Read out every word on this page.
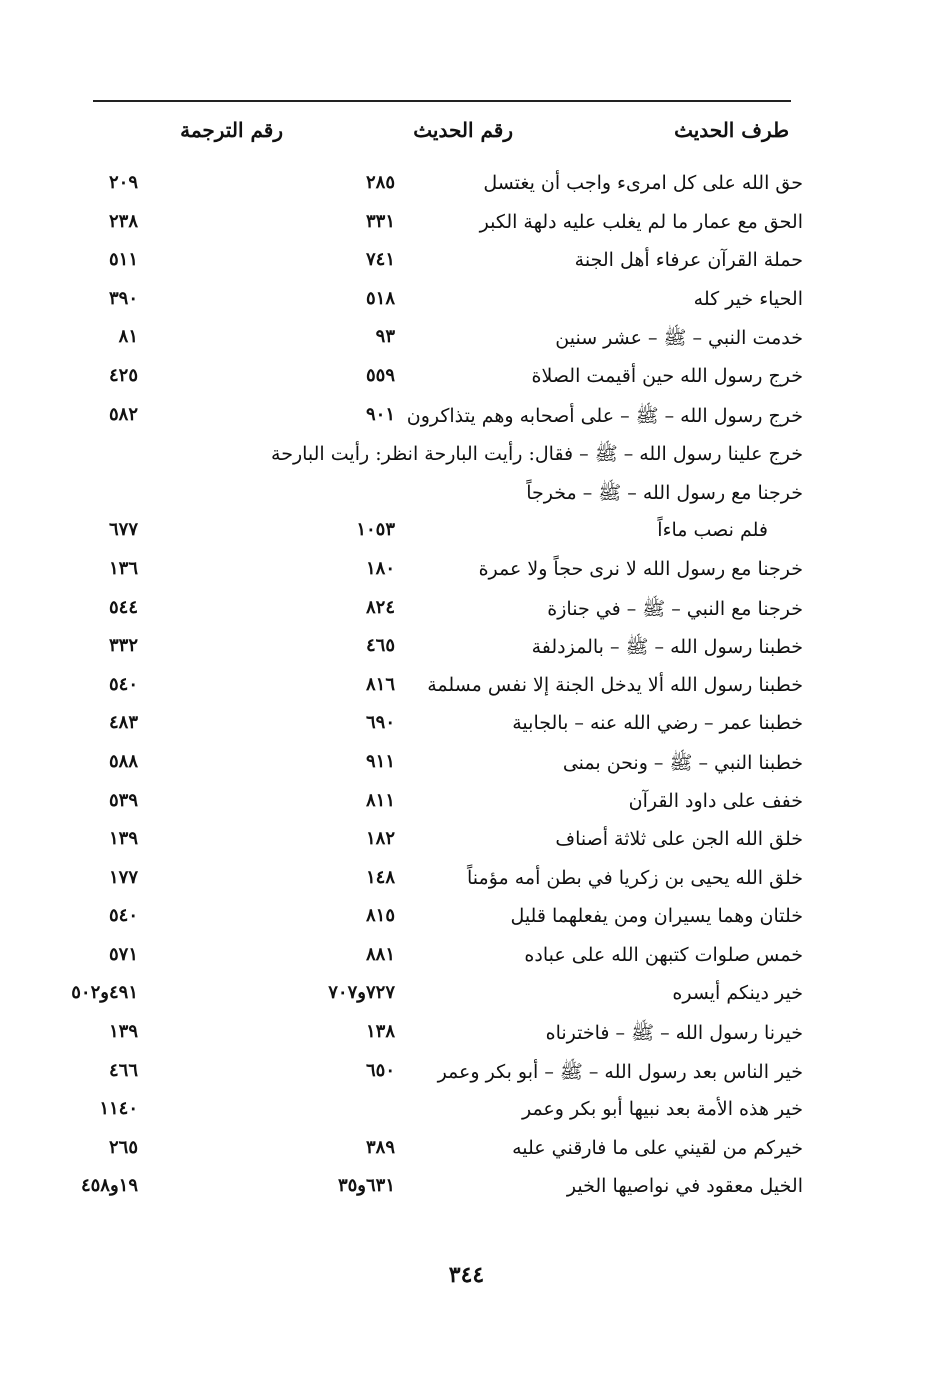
طرف الحديث
رقم الحديث
رقم الترجمة
حق الله على كل امرىء واجب أن يغتسل
٢٨٥
٢٠٩
الحق مع عمار ما لم يغلب عليه دلهة الكبر
٣٣١
٢٣٨
حملة القرآن عرفاء أهل الجنة
٧٤١
٥١١
الحياء خير كله
٥١٨
٣٩٠
خدمت النبي – ﷺ – عشر سنين
٩٣
٨١
خرج رسول الله حين أقيمت الصلاة
٥٥٩
٤٢٥
خرج رسول الله – ﷺ – على أصحابه وهم يتذاكرون
٩٠١
٥٨٢
خرج علينا رسول الله – ﷺ – فقال: رأيت البارحة انظر: رأيت البارحة
خرجنا مع رسول الله – ﷺ – مخرجاً
فلم نصب ماءاً
١٠٥٣
٦٧٧
خرجنا مع رسول الله لا نرى حجاً ولا عمرة
١٨٠
١٣٦
خرجنا مع النبي – ﷺ – في جنازة
٨٢٤
٥٤٤
خطبنا رسول الله – ﷺ – بالمزدلفة
٤٦٥
٣٣٢
خطبنا رسول الله ألا يدخل الجنة إلا نفس مسلمة
٨١٦
٥٤٠
خطبنا عمر – رضي الله عنه – بالجابية
٦٩٠
٤٨٣
خطبنا النبي – ﷺ – ونحن بمنى
٩١١
٥٨٨
خفف على داود القرآن
٨١١
٥٣٩
خلق الله الجن على ثلاثة أصناف
١٨٢
١٣٩
خلق الله يحيى بن زكريا في بطن أمه مؤمناً
١٤٨
١٧٧
خلتان وهما يسيران ومن يفعلهما قليل
٨١٥
٥٤٠
خمس صلوات كتبهن الله على عباده
٨٨١
٥٧١
خير دينكم أيسره
٧٢٧و٧٠٧
٤٩١و٥٠٢
خيرنا رسول الله – ﷺ – فاخترناه
١٣٨
١٣٩
خير الناس بعد رسول الله – ﷺ – أبو بكر وعمر
٦٥٠
٤٦٦
خير هذه الأمة بعد نبيها أبو بكر وعمر
١١٤٠
خيركم من لقيني على ما فارقني عليه
٣٨٩
٢٦٥
الخيل معقود في نواصيها الخير
٦٣١و٣٥
١٩و٤٥٨
٣٤٤
